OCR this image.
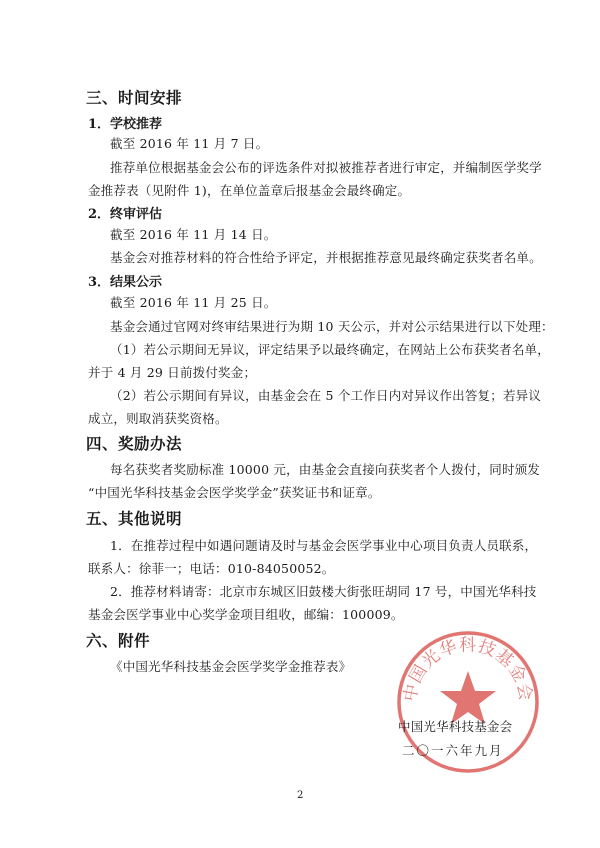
三、时间安排
1．学校推荐
截至 2016 年 11 月 7 日。
推荐单位根据基金会公布的评选条件对拟被推荐者进行审定，并编制医学奖学
金推荐表（见附件 1)，在单位盖章后报基金会最终确定。
2．终审评估
截至 2016 年 11 月 14 日。
基金会对推荐材料的符合性给予评定，并根据推荐意见最终确定获奖者名单。
3．结果公示
截至 2016 年 11 月 25 日。
基金会通过官网对终审结果进行为期 10 天公示，并对公示结果进行以下处理：
（1）若公示期间无异议，评定结果予以最终确定，在网站上公布获奖者名单，
并于 4 月 29 日前拨付奖金；
（2）若公示期间有异议，由基金会在 5 个工作日内对异议作出答复；若异议
成立，则取消获奖资格。
四、奖励办法
每名获奖者奖励标准 10000 元，由基金会直接向获奖者个人拨付，同时颁发
“中国光华科技基金会医学奖学金”获奖证书和证章。
五、其他说明
1．在推荐过程中如遇问题请及时与基金会医学事业中心项目负责人员联系，
联系人：徐菲一；电话：010-84050052。
2．推荐材料请寄：北京市东城区旧鼓楼大街张旺胡同 17 号，中国光华科技
基金会医学事业中心奖学金项目组收，邮编：100009。
六、附件
《中国光华科技基金会医学奖学金推荐表》
中国光华科技基金会
中国光华科技基金会
二〇一六年九月
2
